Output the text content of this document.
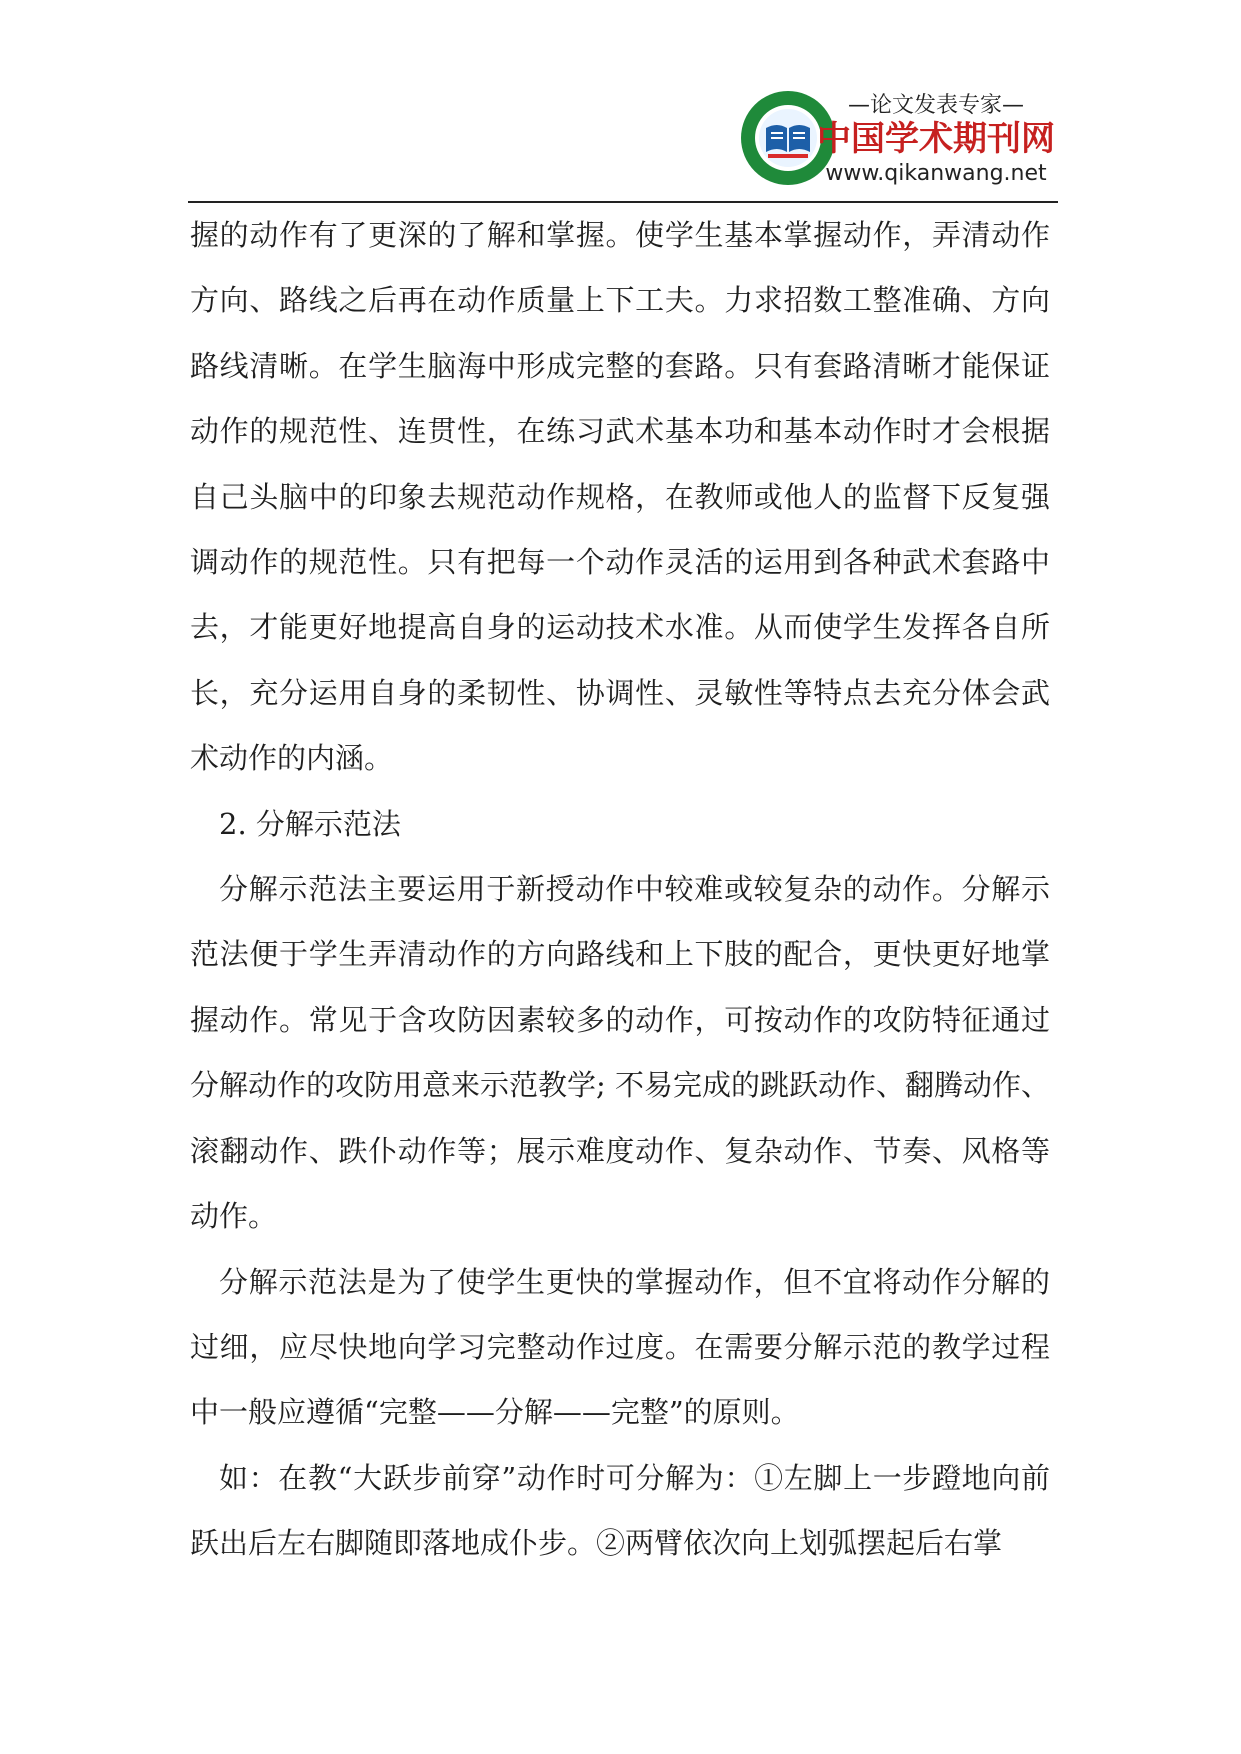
—论文发表专家—
中国学术期刊网
www.qikanwang.net

握的动作有了更深的了解和掌握。使学生基本掌握动作，弄清动作方向、路线之后再在动作质量上下工夫。力求招数工整准确、方向路线清晰。在学生脑海中形成完整的套路。只有套路清晰才能保证动作的规范性、连贯性，在练习武术基本功和基本动作时才会根据自己头脑中的印象去规范动作规格，在教师或他人的监督下反复强调动作的规范性。只有把每一个动作灵活的运用到各种武术套路中去，才能更好地提高自身的运动技术水准。从而使学生发挥各自所长，充分运用自身的柔韧性、协调性、灵敏性等特点去充分体会武术动作的内涵。

2. 分解示范法

分解示范法主要运用于新授动作中较难或较复杂的动作。分解示范法便于学生弄清动作的方向路线和上下肢的配合，更快更好地掌握动作。常见于含攻防因素较多的动作，可按动作的攻防特征通过分解动作的攻防用意来示范教学; 不易完成的跳跃动作、翻腾动作、滚翻动作、跌仆动作等；展示难度动作、复杂动作、节奏、风格等动作。

分解示范法是为了使学生更快的掌握动作，但不宜将动作分解的过细，应尽快地向学习完整动作过度。在需要分解示范的教学过程中一般应遵循“完整——分解——完整”的原则。

如：在教“大跃步前穿”动作时可分解为：①左脚上一步蹬地向前跃出后左右脚随即落地成仆步。②两臂依次向上划弧摆起后右掌
